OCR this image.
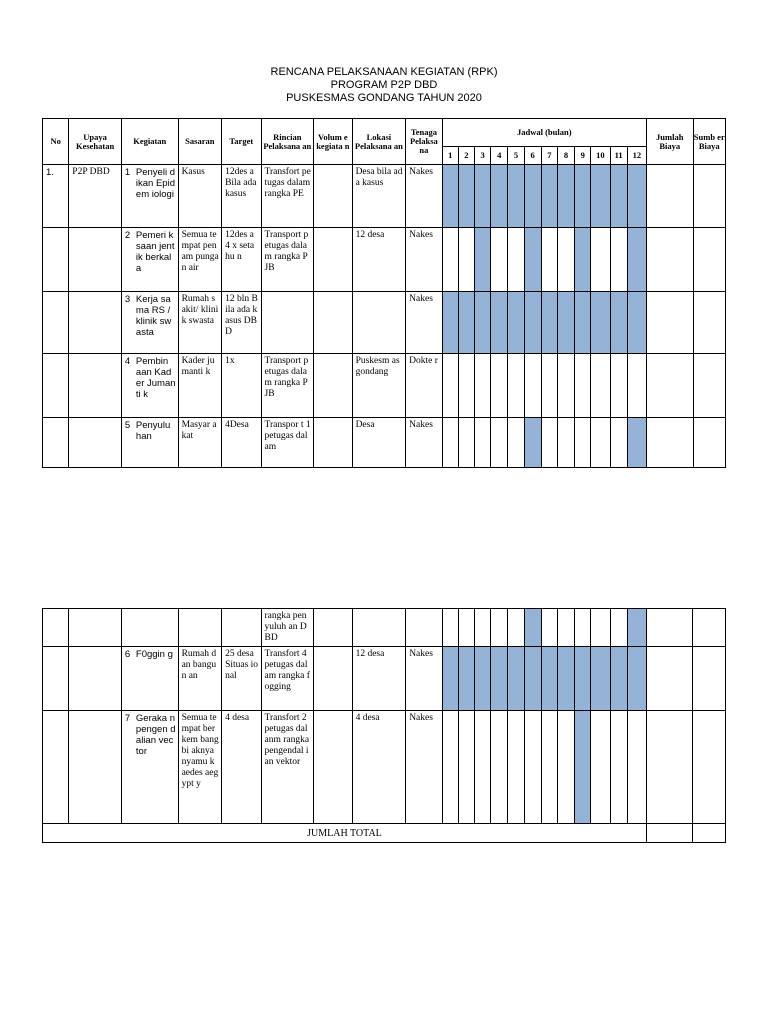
RENCANA PELAKSANAAN KEGIATAN (RPK)
PROGRAM P2P DBD
PUSKESMAS GONDANG TAHUN 2020
No	Upaya Kesehatan	Kegiatan	Sasaran	Target	Rincian Pelaksana an	Volum e kegiata n	Lokasi Pelaksana an	Tenaga Pelaksa na	Jadwal (bulan)												Jumlah Biaya	Sumb er Biaya
									1	2	3	4	5	6	7	8	9	10	11	12		

1.	P2P DBD	1 Penyeli dikan Epidem iologi	Kasus	12des a Bila ada kasus	Transfort petugas dalam rangka PE		Desa bila ada kasus	Nakes														

		2 Pemeri ksaan jentik berkala	Semua tempat penam pungan air	12des a 4 x setahu n	Transport petugas dalam rangka PJB		12 desa	Nakes														

		3 Kerja sama RS / klinik swasta	Rumah sakit/ klinik swasta	12 bln Bila ada kasus DBD				Nakes														

		4 Pembin aan Kader Jumanti k	Kader jumanti k	1x	Transport petugas dalam rangka PJB		Puskesm as gondang	Dokte r														

		5 Penyulu han	Masyar akat	4Desa	Transpor t 1 petugas dalam		Desa	Nakes														

					rangka penyuluh an DBD																	

		6 F0ggin g	Rumah dan bangun an	25 desa Situas ional	Transfort 4 petugas dalam rangka fogging		12 desa	Nakes														

		7 Geraka n pengen dalian vector	Semua tempat berkem bangbi aknya nyamu k aedes aegypt y	4 desa	Transfort 2 petugas dalanm rangka pengendal ian vektor		4 desa	Nakes														

JUMLAH TOTAL																						
